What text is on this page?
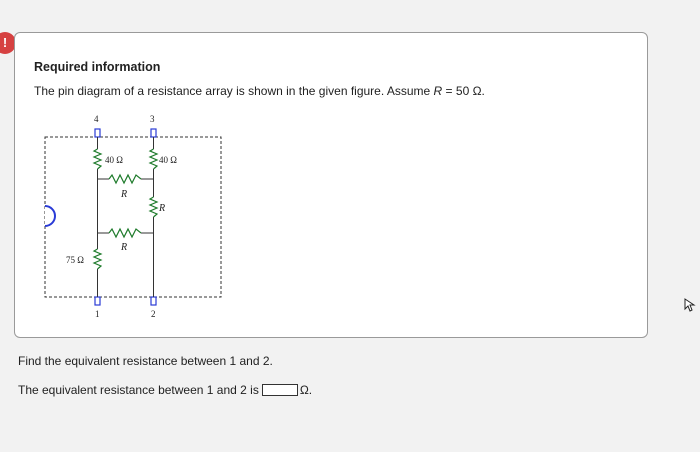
!
Required information
The pin diagram of a resistance array is shown in the given figure. Assume R = 50 Ω.
4	3
1	2
40 Ω	40 Ω
R
R
R
75 Ω
Find the equivalent resistance between 1 and 2.
The equivalent resistance between 1 and 2 is	Ω.
